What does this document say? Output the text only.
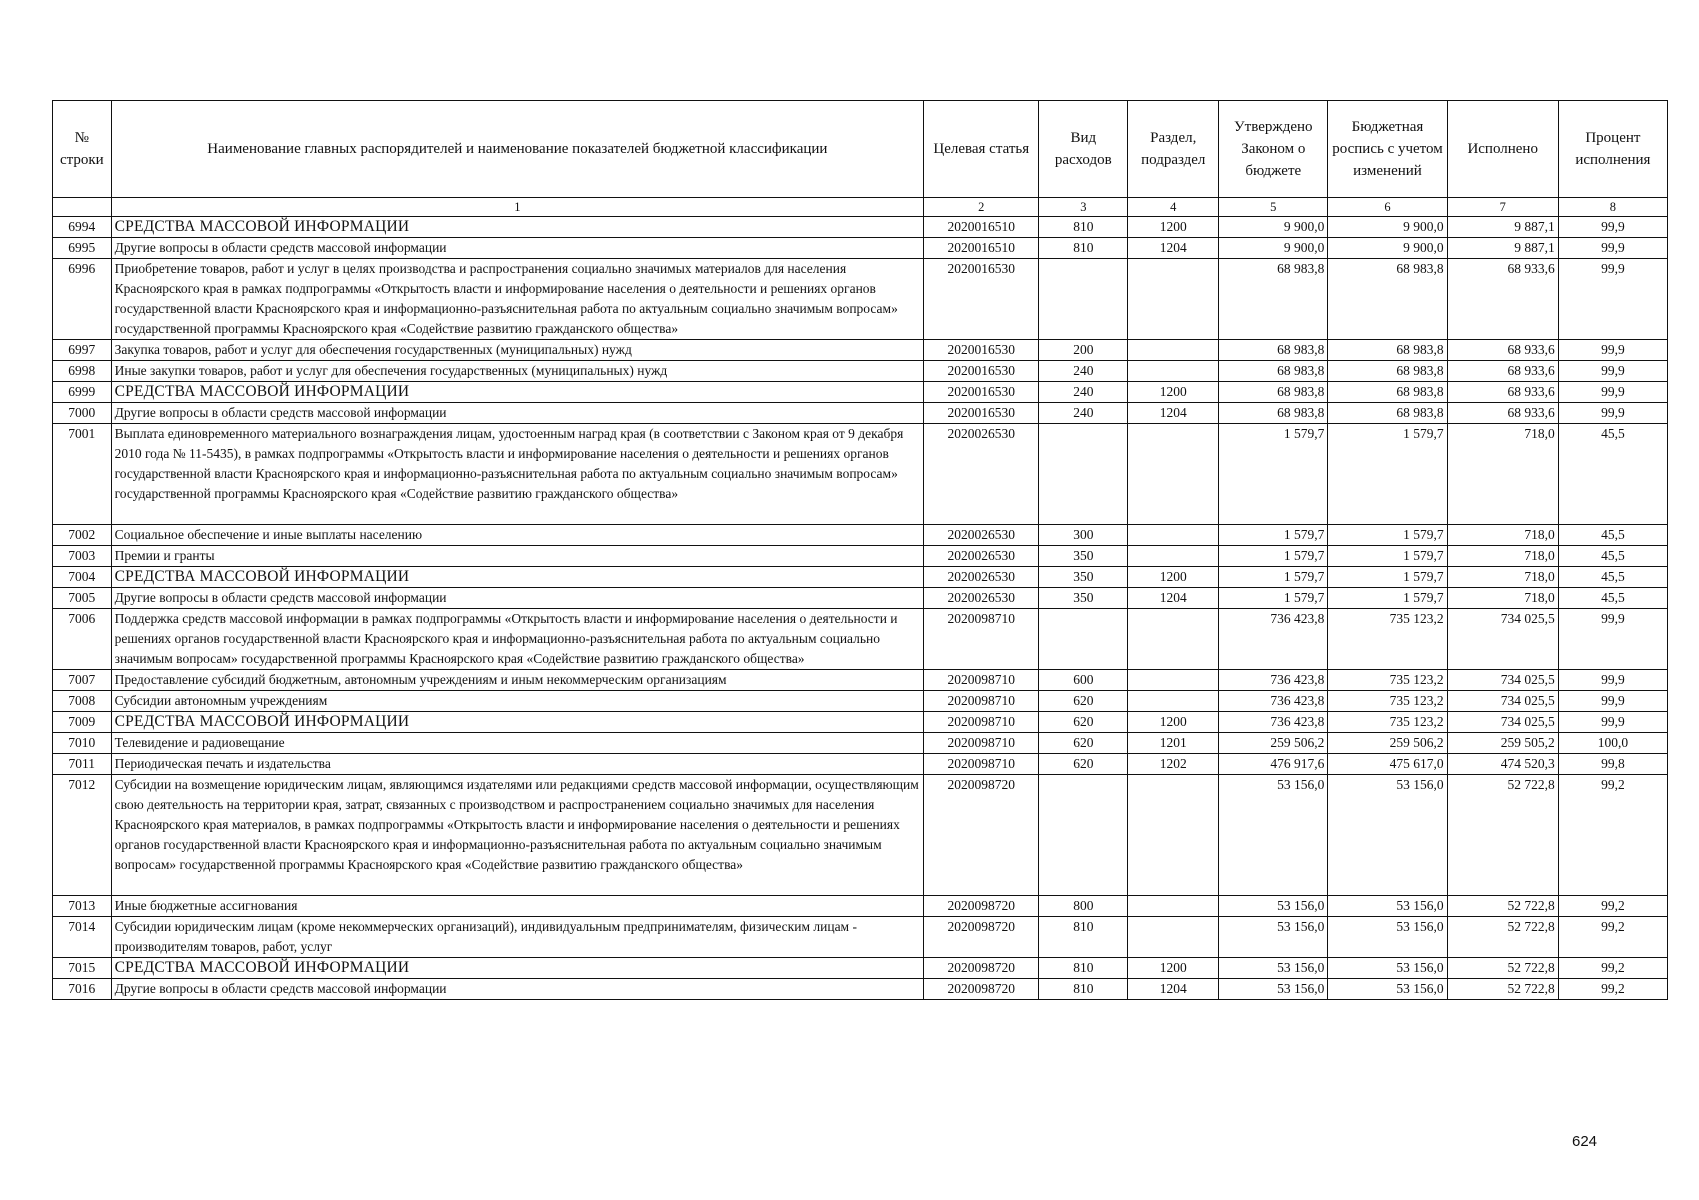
№ строки	Наименование главных распорядителей и наименование показателей бюджетной классификации	Целевая статья	Вид расходов	Раздел, подраздел	Утверждено Законом о бюджете	Бюджетная роспись с учетом изменений	Исполнено	Процент исполнения
	1	2	3	4	5	6	7	8
6994	СРЕДСТВА МАССОВОЙ ИНФОРМАЦИИ	2020016510	810	1200	9 900,0	9 900,0	9 887,1	99,9
6995	Другие вопросы в области средств массовой информации	2020016510	810	1204	9 900,0	9 900,0	9 887,1	99,9
6996	Приобретение товаров, работ и услуг в целях производства и распространения социально значимых материалов для населения Красноярского края в рамках подпрограммы «Открытость власти и информирование населения о деятельности и решениях органов государственной власти Красноярского края и информационно-разъяснительная работа по актуальным социально значимым вопросам» государственной программы Красноярского края «Содействие развитию гражданского общества»	2020016530			68 983,8	68 983,8	68 933,6	99,9
6997	Закупка товаров, работ и услуг для обеспечения государственных (муниципальных) нужд	2020016530	200		68 983,8	68 983,8	68 933,6	99,9
6998	Иные закупки товаров, работ и услуг для обеспечения государственных (муниципальных) нужд	2020016530	240		68 983,8	68 983,8	68 933,6	99,9
6999	СРЕДСТВА МАССОВОЙ ИНФОРМАЦИИ	2020016530	240	1200	68 983,8	68 983,8	68 933,6	99,9
7000	Другие вопросы в области средств массовой информации	2020016530	240	1204	68 983,8	68 983,8	68 933,6	99,9
7001	Выплата единовременного материального вознаграждения лицам, удостоенным наград края (в соответствии с Законом края от 9 декабря 2010 года № 11-5435), в рамках подпрограммы «Открытость власти и информирование населения о деятельности и решениях органов государственной власти Красноярского края и информационно-разъяснительная работа по актуальным социально значимым вопросам» государственной программы Красноярского края «Содействие развитию гражданского общества»	2020026530			1 579,7	1 579,7	718,0	45,5
7002	Социальное обеспечение и иные выплаты населению	2020026530	300		1 579,7	1 579,7	718,0	45,5
7003	Премии и гранты	2020026530	350		1 579,7	1 579,7	718,0	45,5
7004	СРЕДСТВА МАССОВОЙ ИНФОРМАЦИИ	2020026530	350	1200	1 579,7	1 579,7	718,0	45,5
7005	Другие вопросы в области средств массовой информации	2020026530	350	1204	1 579,7	1 579,7	718,0	45,5
7006	Поддержка средств массовой информации в рамках подпрограммы «Открытость власти и информирование населения о деятельности и решениях органов государственной власти Красноярского края и информационно-разъяснительная работа по актуальным социально значимым вопросам» государственной программы Красноярского края «Содействие развитию гражданского общества»	2020098710			736 423,8	735 123,2	734 025,5	99,9
7007	Предоставление субсидий бюджетным, автономным учреждениям и иным некоммерческим организациям	2020098710	600		736 423,8	735 123,2	734 025,5	99,9
7008	Субсидии автономным учреждениям	2020098710	620		736 423,8	735 123,2	734 025,5	99,9
7009	СРЕДСТВА МАССОВОЙ ИНФОРМАЦИИ	2020098710	620	1200	736 423,8	735 123,2	734 025,5	99,9
7010	Телевидение и радиовещание	2020098710	620	1201	259 506,2	259 506,2	259 505,2	100,0
7011	Периодическая печать и издательства	2020098710	620	1202	476 917,6	475 617,0	474 520,3	99,8
7012	Субсидии на возмещение юридическим лицам, являющимся издателями или редакциями средств массовой информации, осуществляющим свою деятельность на территории края, затрат, связанных с производством и распространением социально значимых для населения Красноярского края материалов, в рамках подпрограммы «Открытость власти и информирование населения о деятельности и решениях органов государственной власти Красноярского края и информационно-разъяснительная работа по актуальным социально значимым вопросам» государственной программы Красноярского края «Содействие развитию гражданского общества»	2020098720			53 156,0	53 156,0	52 722,8	99,2
7013	Иные бюджетные ассигнования	2020098720	800		53 156,0	53 156,0	52 722,8	99,2
7014	Субсидии юридическим лицам (кроме некоммерческих организаций), индивидуальным предпринимателям, физическим лицам - производителям товаров, работ, услуг	2020098720	810		53 156,0	53 156,0	52 722,8	99,2
7015	СРЕДСТВА МАССОВОЙ ИНФОРМАЦИИ	2020098720	810	1200	53 156,0	53 156,0	52 722,8	99,2
7016	Другие вопросы в области средств массовой информации	2020098720	810	1204	53 156,0	53 156,0	52 722,8	99,2
624
